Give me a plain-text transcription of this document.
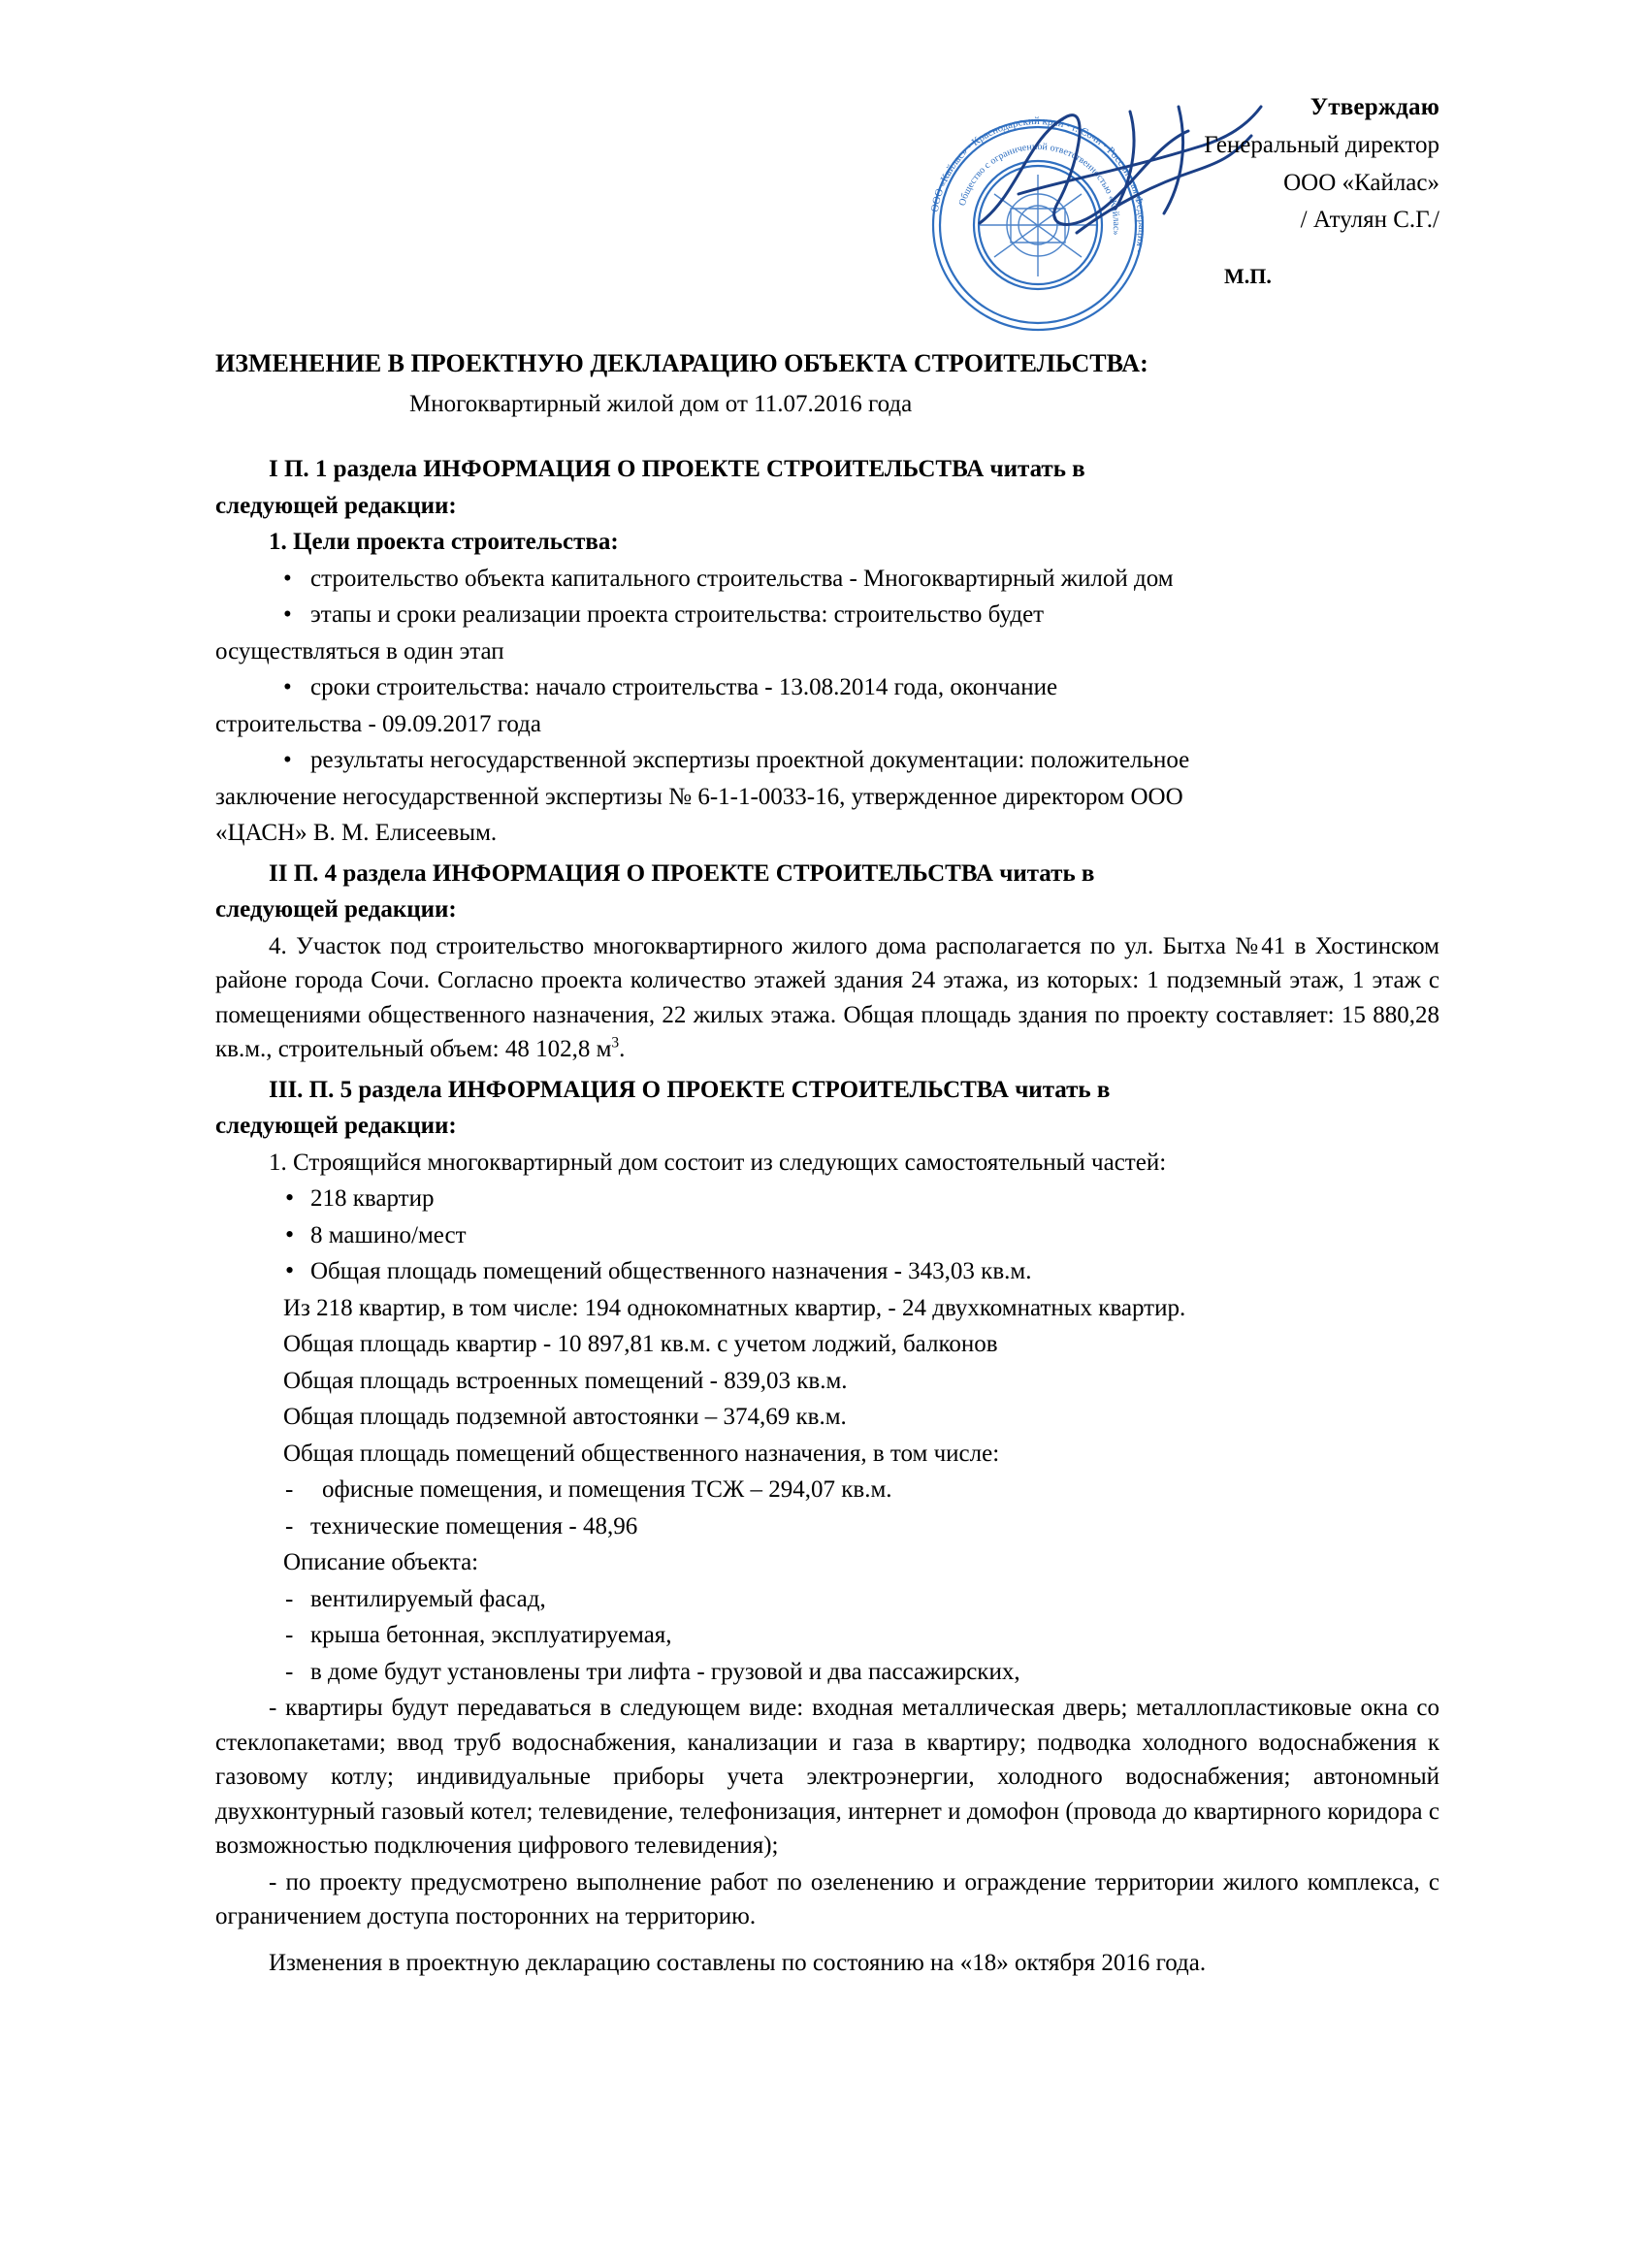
ООО «Кайлас» • Краснодарский край • г. Сочи • Российская Федерация •
Общество с ограниченной ответственностью «Кайлас»
Утверждаю
Генеральный директор
ООО «Кайлас»
/ Атулян С.Г./
М.П.
ИЗМЕНЕНИЕ В ПРОЕКТНУЮ ДЕКЛАРАЦИЮ ОБЪЕКТА СТРОИТЕЛЬСТВА:
Многоквартирный жилой дом от 11.07.2016 года

I П. 1 раздела ИНФОРМАЦИЯ О ПРОЕКТЕ СТРОИТЕЛЬСТВА читать в

следующей редакции:

1. Цели проекта строительства:

• строительство объекта капитального строительства - Многоквартирный жилой дом

• этапы и сроки реализации проекта строительства: строительство будет

осуществляться в один этап

• сроки строительства: начало строительства - 13.08.2014 года, окончание

строительства - 09.09.2017 года

• результаты негосударственной экспертизы проектной документации: положительное

заключение негосударственной экспертизы № 6-1-1-0033-16, утвержденное директором ООО

«ЦАСН» В. М. Елисеевым.

II П. 4 раздела ИНФОРМАЦИЯ О ПРОЕКТЕ СТРОИТЕЛЬСТВА читать в

следующей редакции:

4. Участок под строительство многоквартирного жилого дома располагается по ул. Бытха №41 в Хостинском районе города Сочи. Согласно проекта количество этажей здания 24 этажа, из которых: 1 подземный этаж, 1 этаж с помещениями общественного назначения, 22 жилых этажа. Общая площадь здания по проекту составляет: 15 880,28 кв.м., строительный объем: 48 102,8 $м^3$.

III. П. 5 раздела ИНФОРМАЦИЯ О ПРОЕКТЕ СТРОИТЕЛЬСТВА читать в

следующей редакции:

1. Строящийся многоквартирный дом состоит из следующих самостоятельный частей:

• 218 квартир

• 8 машино/мест

• Общая площадь помещений общественного назначения - 343,03 кв.м.

Из 218 квартир, в том числе: 194 однокомнатных квартир, - 24 двухкомнатных квартир.

Общая площадь квартир - 10 897,81 кв.м. с учетом лоджий, балконов

Общая площадь встроенных помещений - 839,03 кв.м.

Общая площадь подземной автостоянки – 374,69 кв.м.

Общая площадь помещений общественного назначения, в том числе:

- офисные помещения, и помещения ТСЖ – 294,07 кв.м.

- технические помещения - 48,96

Описание объекта:

- вентилируемый фасад,

- крыша бетонная, эксплуатируемая,

- в доме будут установлены три лифта - грузовой и два пассажирских,

- квартиры будут передаваться в следующем виде: входная металлическая дверь; металлопластиковые окна со стеклопакетами; ввод труб водоснабжения, канализации и газа в квартиру; подводка холодного водоснабжения к газовому котлу; индивидуальные приборы учета электроэнергии, холодного водоснабжения; автономный двухконтурный газовый котел; телевидение, телефонизация, интернет и домофон (провода до квартирного коридора с возможностью подключения цифрового телевидения);

- по проекту предусмотрено выполнение работ по озеленению и ограждение территории жилого комплекса, с ограничением доступа посторонних на территорию.

Изменения в проектную декларацию составлены по состоянию на «18» октября 2016 года.
